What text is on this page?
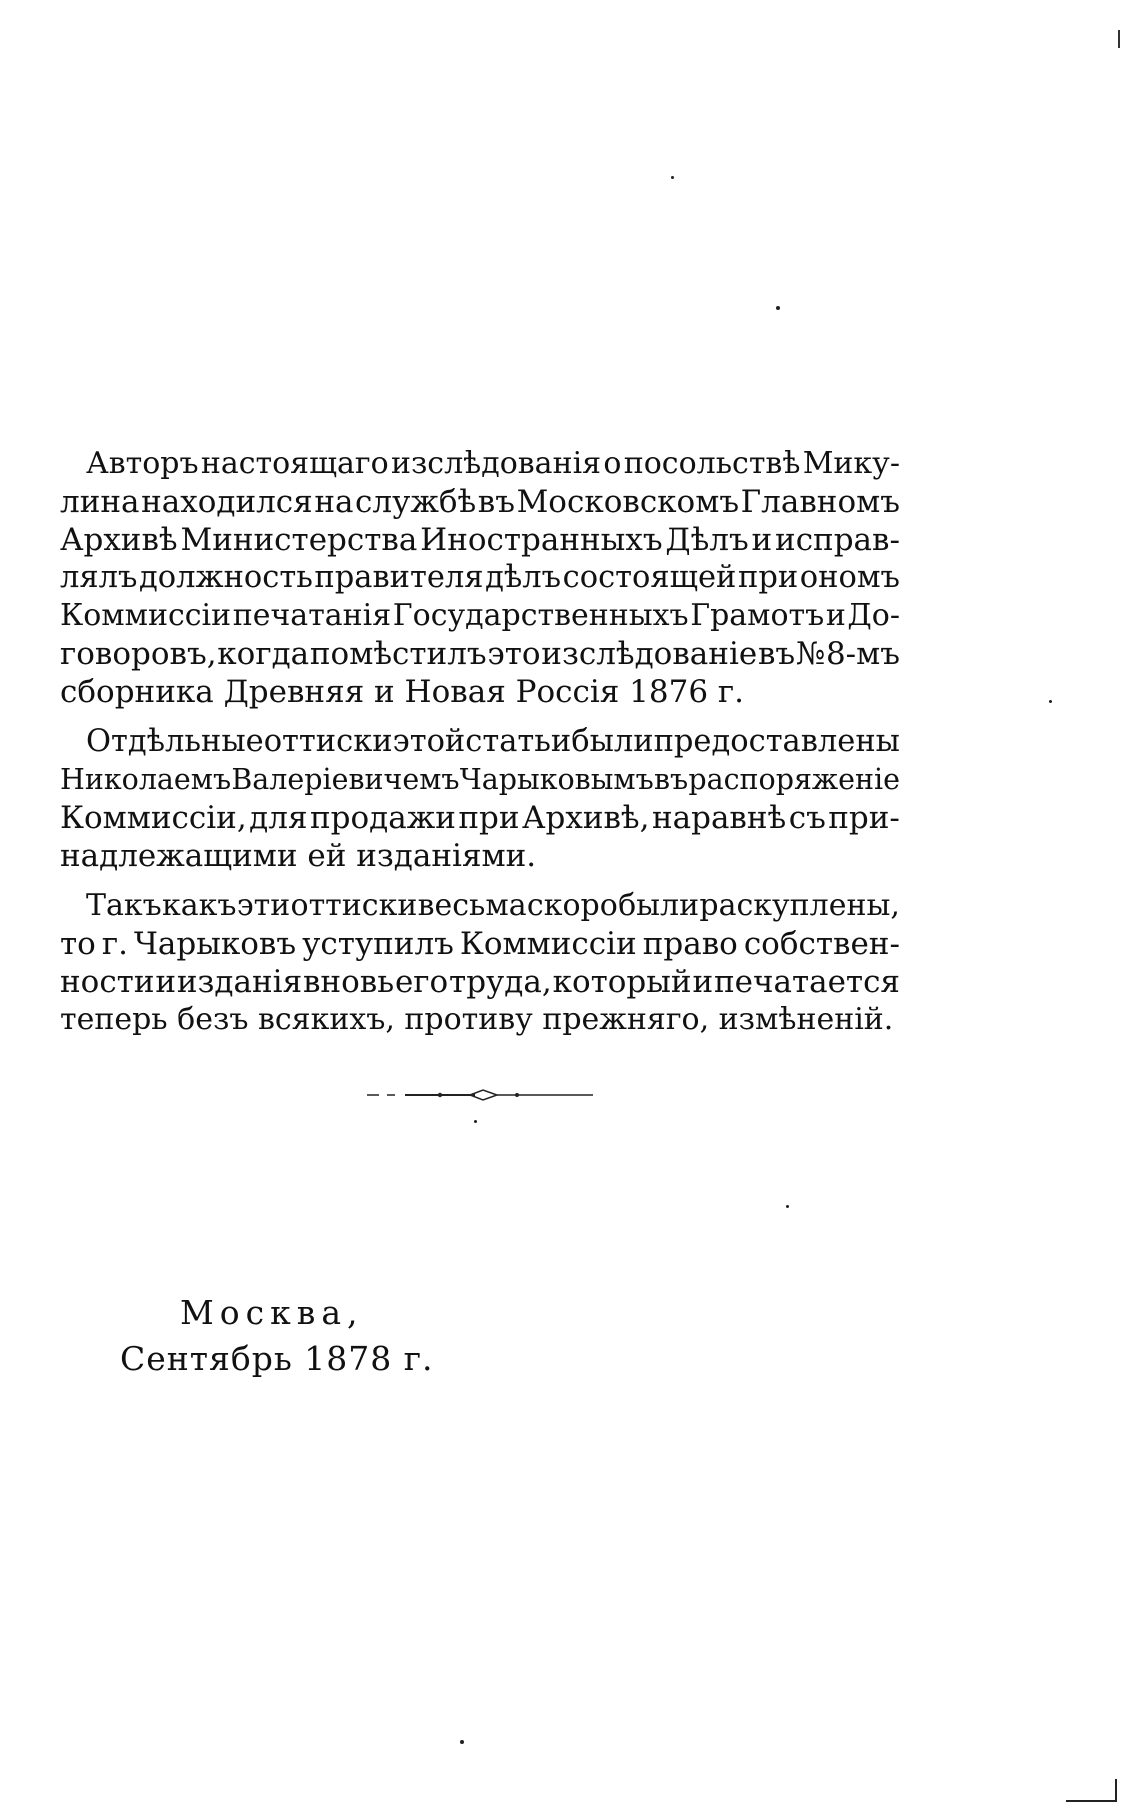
Авторъ настоящаго изслѣдованія о посольствѣ Мику-
лина находился на службѣ въ Московскомъ Главномъ
Архивѣ Министерства Иностранныхъ Дѣлъ и исправ-
лялъ должность правителя дѣлъ состоящей при ономъ
Коммиссіи печатанія Государственныхъ Грамотъ и До-
говоровъ, когда помѣстилъ это изслѣдованіе въ № 8-мъ
сборника Древняя и Новая Россія 1876 г.
Отдѣльные оттиски этой статьи были предоставлены
Николаемъ Валеріевичемъ Чарыковымъ въ распоряженіе
Коммиссіи, для продажи при Архивѣ, наравнѣ съ при-
надлежащими ей изданіями.
Такъ какъ эти оттиски весьма скоро были раскуплены,
то г. Чарыковъ уступилъ Коммиссіи право собствен-
ности и изданія вновь его труда, который и печатается
теперь безъ всякихъ, противу прежняго, измѣненій.
Москва,
Сентябрь 1878 г.
